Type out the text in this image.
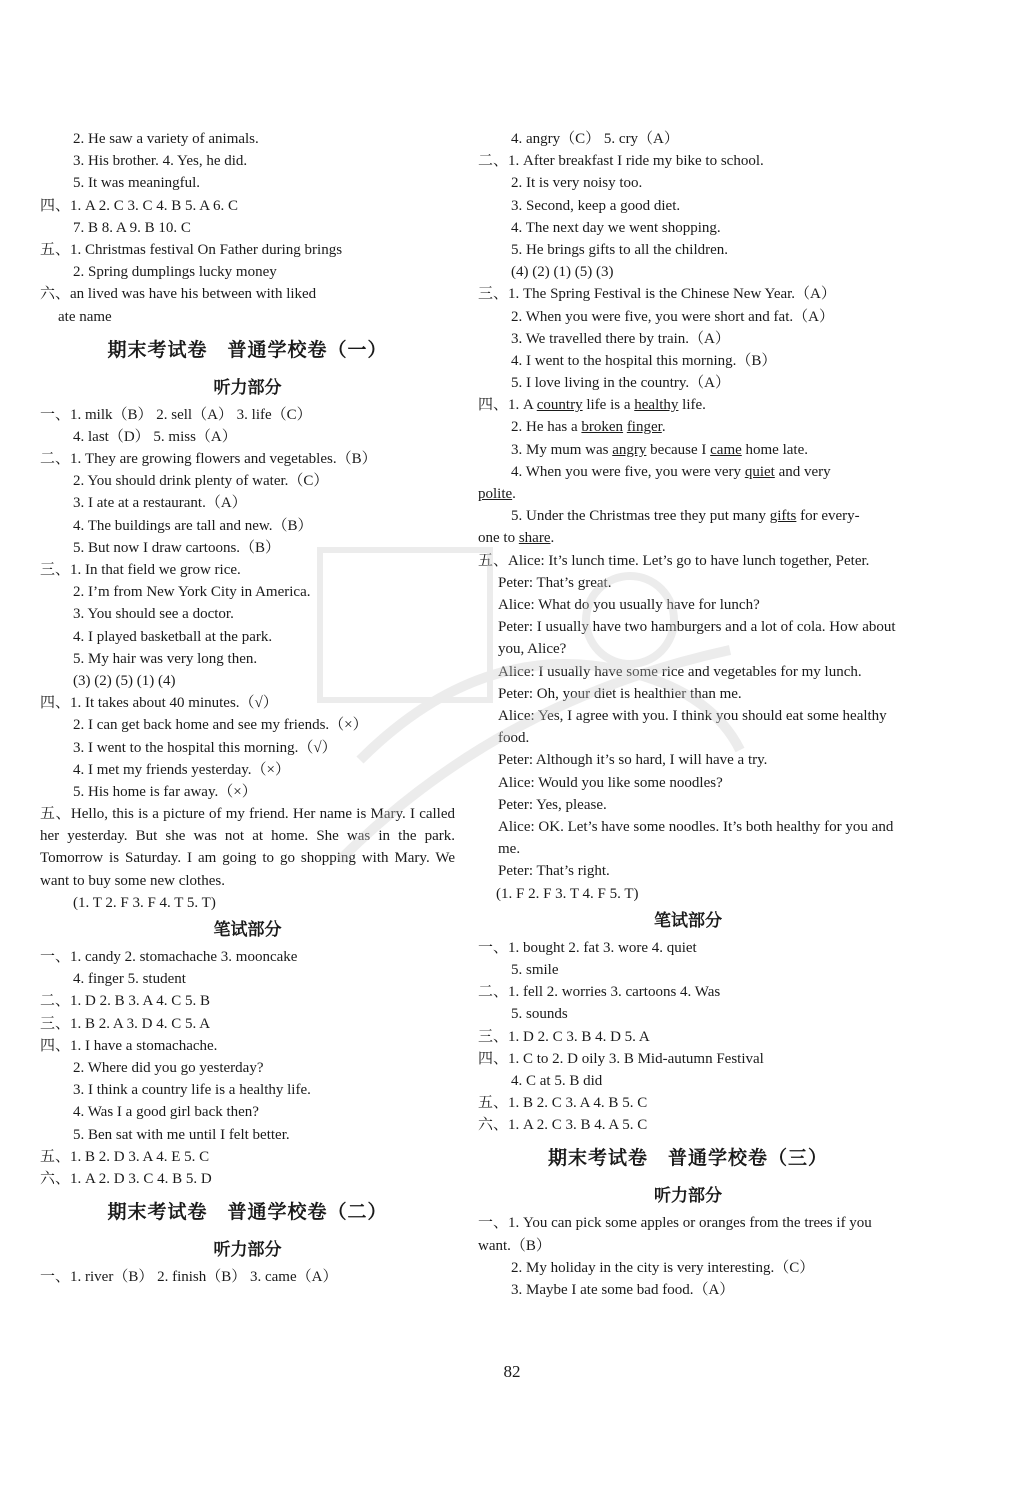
2. He saw a variety of animals.
3. His brother. 4. Yes, he did.
5. It was meaningful.
四、1. A 2. C 3. C 4. B 5. A 6. C
7. B 8. A 9. B 10. C
五、1. Christmas festival On Father during brings
2. Spring dumplings lucky money
六、an lived was have his between with liked
ate name
期末考试卷　普通学校卷（一）
听力部分
一、1. milk（B） 2. sell（A） 3. life（C）
4. last（D） 5. miss（A）
二、1. They are growing flowers and vegetables.（B）
2. You should drink plenty of water.（C）
3. I ate at a restaurant.（A）
4. The buildings are tall and new.（B）
5. But now I draw cartoons.（B）
三、1. In that field we grow rice.
2. I’m from New York City in America.
3. You should see a doctor.
4. I played basketball at the park.
5. My hair was very long then.
(3) (2) (5) (1) (4)
四、1. It takes about 40 minutes.（√）
2. I can get back home and see my friends.（×）
3. I went to the hospital this morning.（√）
4. I met my friends yesterday.（×）
5. His home is far away.（×）
五、Hello, this is a picture of my friend. Her name is Mary. I called her yesterday. But she was not at home. She was in the park. Tomorrow is Saturday. I am going to go shopping with Mary. We want to buy some new clothes.
(1. T 2. F 3. F 4. T 5. T)
笔试部分
一、1. candy 2. stomachache 3. mooncake
4. finger 5. student
二、1. D 2. B 3. A 4. C 5. B
三、1. B 2. A 3. D 4. C 5. A
四、1. I have a stomachache.
2. Where did you go yesterday?
3. I think a country life is a healthy life.
4. Was I a good girl back then?
5. Ben sat with me until I felt better.
五、1. B 2. D 3. A 4. E 5. C
六、1. A 2. D 3. C 4. B 5. D
期末考试卷　普通学校卷（二）
听力部分
一、1. river（B） 2. finish（B） 3. came（A）
4. angry（C） 5. cry（A）
二、1. After breakfast I ride my bike to school.
2. It is very noisy too.
3. Second, keep a good diet.
4. The next day we went shopping.
5. He brings gifts to all the children.
(4) (2) (1) (5) (3)
三、1. The Spring Festival is the Chinese New Year.（A）
2. When you were five, you were short and fat.（A）
3. We travelled there by train.（A）
4. I went to the hospital this morning.（B）
5. I love living in the country.（A）
四、1. A country life is a healthy life.
2. He has a broken finger.
3. My mum was angry because I came home late.
4. When you were five, you were very quiet and very
polite.
5. Under the Christmas tree they put many gifts for every-
one to share.
五、Alice: It’s lunch time. Let’s go to have lunch together, Peter.
Peter: That’s great.
Alice: What do you usually have for lunch?
Peter: I usually have two hamburgers and a lot of cola. How about you, Alice?
Alice: I usually have some rice and vegetables for my lunch.
Peter: Oh, your diet is healthier than me.
Alice: Yes, I agree with you. I think you should eat some healthy food.
Peter: Although it’s so hard, I will have a try.
Alice: Would you like some noodles?
Peter: Yes, please.
Alice: OK. Let’s have some noodles. It’s both healthy for you and me.
Peter: That’s right.
(1. F 2. F 3. T 4. F 5. T)
笔试部分
一、1. bought 2. fat 3. wore 4. quiet
5. smile
二、1. fell 2. worries 3. cartoons 4. Was
5. sounds
三、1. D 2. C 3. B 4. D 5. A
四、1. C to 2. D oily 3. B Mid-autumn Festival
4. C at 5. B did
五、1. B 2. C 3. A 4. B 5. C
六、1. A 2. C 3. B 4. A 5. C
期末考试卷　普通学校卷（三）
听力部分
一、1. You can pick some apples or oranges from the trees if you want.（B）
2. My holiday in the city is very interesting.（C）
3. Maybe I ate some bad food.（A）
82
